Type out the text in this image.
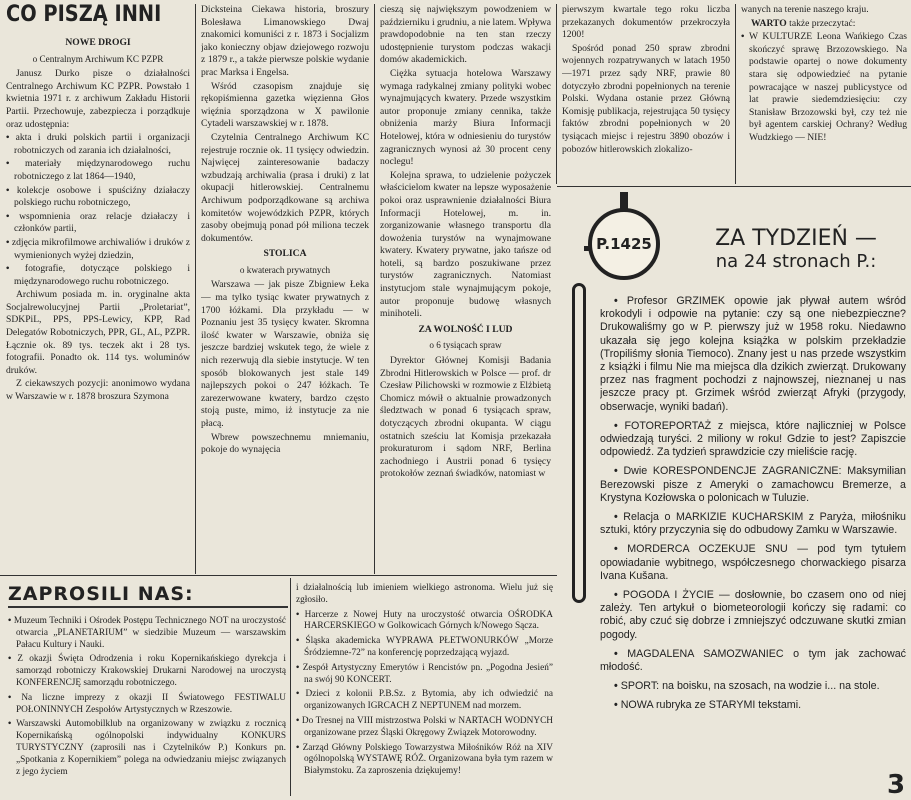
CO PISZĄ INNI
NOWE DROGI
o Centralnym Archiwum KC PZPR

Janusz Durko pisze o działalności Centralnego Archiwum KC PZPR. Powstało 1 kwietnia 1971 r. z archiwum Zakładu Historii Partii. Przechowuje, zabezpiecza i porządkuje oraz udostępnia:

• akta i druki polskich partii i organizacji robotniczych od zarania ich działalności,
• materiały międzynarodowego ruchu robotniczego z lat 1864—1940,
• kolekcje osobowe i spuściźny działaczy polskiego ruchu robotniczego,
• wspomnienia oraz relacje działaczy i członków partii,
• zdjęcia mikrofilmowe archiwaliów i druków z wymienionych wyżej dziedzin,
• fotografie, dotyczące polskiego i międzynarodowego ruchu robotniczego.

Archiwum posiada m. in. oryginalne akta Socjalrewolucyjnej Partii „Proletariat”, SDKPiL, PPS, PPS-Lewicy, KPP, Rad Delegatów Robotniczych, PPR, GL, AL, PZPR. Łącznie ok. 89 tys. teczek akt i 28 tys. fotografii. Ponadto ok. 114 tys. woluminów druków.

Z ciekawszych pozycji: anonimowo wydana w Warszawie w r. 1878 broszura Szymona

Dicksteina Ciekawa historia, broszury Bolesława Limanowskiego Dwaj znakomici komuniści z r. 1873 i Socjalizm jako konieczny objaw dziejowego rozwoju z 1879 r., a także pierwsze polskie wydanie prac Marksa i Engelsa.

Wśród czasopism znajduje się rękopiśmienna gazetka więzienna Głos więźnia sporządzona w X pawilonie Cytadeli warszawskiej w r. 1878.

Czytelnia Centralnego Archiwum KC rejestruje rocznie ok. 11 tysięcy odwiedzin. Najwięcej zainteresowanie badaczy wzbudzają archiwalia (prasa i druki) z lat okupacji hitlerowskiej. Centralnemu Archiwum podporządkowane są archiwa komitetów wojewódzkich PZPR, których zasoby obejmują ponad pół miliona teczek dokumentów.

STOLICA
o kwaterach prywatnych

Warszawa — jak pisze Zbigniew Łeka — ma tylko tysiąc kwater prywatnych z 1700 łóżkami. Dla przykładu — w Poznaniu jest 35 tysięcy kwater. Skromna ilość kwater w Warszawie, obniża się jeszcze bardziej wskutek tego, że wiele z nich rezerwują dla siebie instytucje. W ten sposób blokowanych jest stale 149 najlepszych pokoi o 247 łóżkach. Te zarezerwowane kwatery, bardzo często stoją puste, mimo, iż instytucje za nie płacą.

Wbrew powszechnemu mniemaniu, pokoje do wynajęcia

cieszą się największym powodzeniem w październiku i grudniu, a nie latem. Wpływa prawdopodobnie na ten stan rzeczy udostępnienie turystom podczas wakacji domów akademickich.

Ciężka sytuacja hotelowa Warszawy wymaga radykalnej zmiany polityki wobec wynajmujących kwatery. Przede wszystkim autor proponuje zmiany cennika, także obniżenia marży Biura Informacji Hotelowej, która w odniesieniu do turystów zagranicznych wynosi aż 30 procent ceny noclegu!

Kolejna sprawa, to udzielenie pożyczek właścicielom kwater na lepsze wyposażenie pokoi oraz usprawnienie działalności Biura Informacji Hotelowej, m. in. zorganizowanie własnego transportu dla dowożenia turystów na wynajmowane kwatery. Kwatery prywatne, jako tańsze od hoteli, są bardzo poszukiwane przez turystów zagranicznych. Natomiast instytucjom stale wynajmującym pokoje, autor proponuje budowę własnych minihoteli.

ZA WOLNOŚĆ I LUD
o 6 tysiącach spraw

Dyrektor Głównej Komisji Badania Zbrodni Hitlerowskich w Polsce — prof. dr Czesław Pilichowski w rozmowie z Elżbietą Chomicz mówił o aktualnie prowadzonych śledztwach w ponad 6 tysiącach spraw, dotyczących zbrodni okupanta. W ciągu ostatnich sześciu lat Komisja przekazała prokuraturom i sądom NRF, Berlina zachodniego i Austrii ponad 6 tysięcy protokołów zeznań świadków, natomiast w

pierwszym kwartale tego roku liczba przekazanych dokumentów przekroczyła 1200!

Spośród ponad 250 spraw zbrodni wojennych rozpatrywanych w latach 1950—1971 przez sądy NRF, prawie 80 dotyczyło zbrodni popełnionych na terenie Polski. Wydana ostanie przez Główną Komisję publikacja, rejestrująca 50 tysięcy faktów zbrodni popełnionych w 20 tysiącach miejsc i rejestru 3890 obozów i pobozów hitlerowskich zlokalizo-

wanych na terenie naszego kraju.

WARTO także przeczytać:

• W KULTURZE Leona Wańkiego Czas skończyć sprawę Brzozowskiego. Na podstawie opartej o nowe dokumenty stara się odpowiedzieć na pytanie powracające w naszej publicystyce od lat prawie siedemdziesięciu: czy Stanisław Brzozowski był, czy też nie był agentem carskiej Ochrany? Według Wudzkiego — NIE!
ZAPROSILI NAS:
• Muzeum Techniki i Ośrodek Postępu Technicznego NOT na uroczystość otwarcia „PLANETARIUM” w siedzibie Muzeum — warszawskim Pałacu Kultury i Nauki.
• Z okazji Święta Odrodzenia i roku Kopernikańskiego dyrekcja i samorząd robotniczy Krakowskiej Drukarni Narodowej na uroczystą KONFERENCJĘ samorządu robotniczego.
• Na liczne imprezy z okazji II Światowego FESTIWALU POŁONINNYCH Zespołów Artystycznych w Rzeszowie.
• Warszawski Automobilklub na organizowany w związku z rocznicą Kopernikańską ogólnopolski indywidualny KONKURS TURYSTYCZNY (zaprosili nas i Czytelników P.) Konkurs pn. „Spotkania z Kopernikiem” polega na odwiedzaniu miejsc związanych z jego życiem

i działalnością lub imieniem wielkiego astronoma. Wielu już się zgłosiło.

• Harcerze z Nowej Huty na uroczystość otwarcia OŚRODKA HARCERSKIEGO w Golkowicach Górnych k/Nowego Sącza.
• Śląska akademicka WYPRAWA PŁETWONURKÓW „Morze Śródziemne-72” na konferencję poprzedzającą wyjazd.
• Zespół Artystyczny Emerytów i Rencistów pn. „Pogodna Jesień” na swój 90 KONCERT.
• Dzieci z kolonii P.B.Sz. z Bytomia, aby ich odwiedzić na organizowanych IGRCACH Z NEPTUNEM nad morzem.
• Do Tresnej na VIII mistrzostwa Polski w NARTACH WODNYCH organizowane przez Śląski Okręgowy Związek Motorowodny.
• Zarząd Główny Polskiego Towarzystwa Miłośników Róż na XIV ogólnopolską WYSTAWĘ RÓŻ. Organizowana była tym razem w Białymstoku. Za zaproszenia dziękujemy!
P.1425	ZA TYDZIEŃ —
na 24 stronach P.:
• Profesor GRZIMEK opowie jak pływał autem wśród krokodyli i odpowie na pytanie: czy są one niebezpieczne? Drukowaliśmy go w P. pierwszy już w 1958 roku. Niedawno ukazała się jego kolejna książka w polskim przekładzie (Tropiliśmy słonia Tiemoco). Znany jest u nas przede wszystkim z książki i filmu Nie ma miejsca dla dzikich zwierząt. Drukowany przez nas fragment pochodzi z najnowszej, nieznanej u nas jeszcze pracy pt. Grzimek wśród zwierząt Afryki (przygody, obserwacje, wyniki badań).
• FOTOREPORTAŻ z miejsca, które najliczniej w Polsce odwiedzają turyści. 2 miliony w roku! Gdzie to jest? Zapiszcie odpowiedź. Za tydzień sprawdzicie czy mieliście rację.
• Dwie KORESPONDENCJE ZAGRANICZNE: Maksymilian Berezowski pisze z Ameryki o zamachowcu Bremerze, a Krystyna Kozłowska o polonicach w Tuluzie.
• Relacja o MARKIZIE KUCHARSKIM z Paryża, miłośniku sztuki, który przyczynia się do odbudowy Zamku w Warszawie.
• MORDERCA OCZEKUJE SNU — pod tym tytułem opowiadanie wybitnego, współczesnego chorwackiego pisarza Ivana Kušana.
• POGODA I ŻYCIE — dosłownie, bo czasem ono od niej zależy. Ten artykuł o biometeorologii kończy się radami: co robić, aby czuć się dobrze i zmniejszyć odczuwane skutki zmian pogody.
• MAGDALENA SAMOZWANIEC o tym jak zachować młodość.
• SPORT: na boisku, na szosach, na wodzie i... na stole.
• NOWA rubryka ze STARYMI tekstami.
3
